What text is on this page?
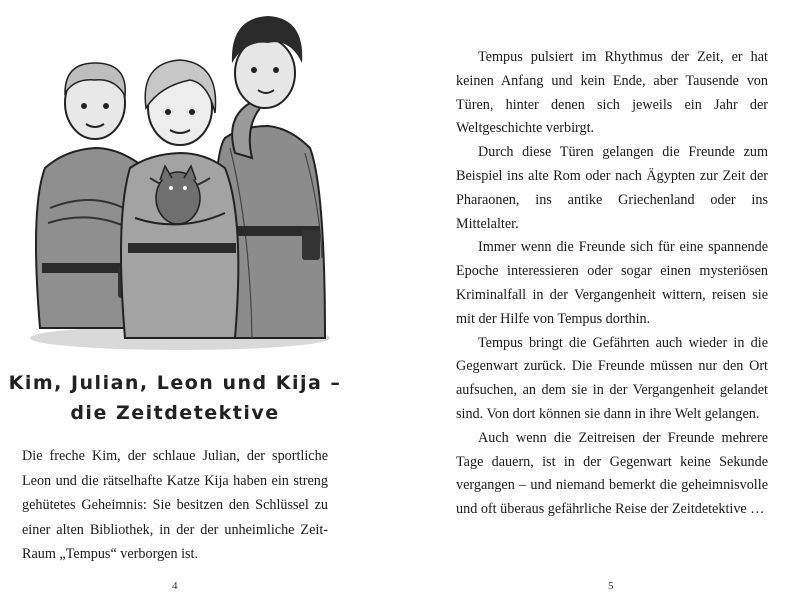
Kim, Julian, Leon und Kija –
die Zeitdetektive

Die freche Kim, der schlaue Julian, der sportliche Leon und die rätselhafte Katze Kija haben ein streng gehütetes Geheimnis: Sie besitzen den Schlüssel zu einer alten Bibliothek, in der der unheimliche Zeit-Raum „Tempus“ verborgen ist.

4

Tempus pulsiert im Rhythmus der Zeit, er hat keinen Anfang und kein Ende, aber Tausende von Türen, hinter denen sich jeweils ein Jahr der Weltgeschichte verbirgt.

Durch diese Türen gelangen die Freunde zum Beispiel ins alte Rom oder nach Ägypten zur Zeit der Pharaonen, ins antike Griechenland oder ins Mittelalter.

Immer wenn die Freunde sich für eine spannende Epoche interessieren oder sogar einen mysteriösen Kriminalfall in der Vergangenheit wittern, reisen sie mit der Hilfe von Tempus dorthin.

Tempus bringt die Gefährten auch wieder in die Gegenwart zurück. Die Freunde müssen nur den Ort aufsuchen, an dem sie in der Vergangenheit gelandet sind. Von dort können sie dann in ihre Welt gelangen.

Auch wenn die Zeitreisen der Freunde mehrere Tage dauern, ist in der Gegenwart keine Sekunde vergangen – und niemand bemerkt die geheimnisvolle und oft überaus gefährliche Reise der Zeitdetektive …

5
